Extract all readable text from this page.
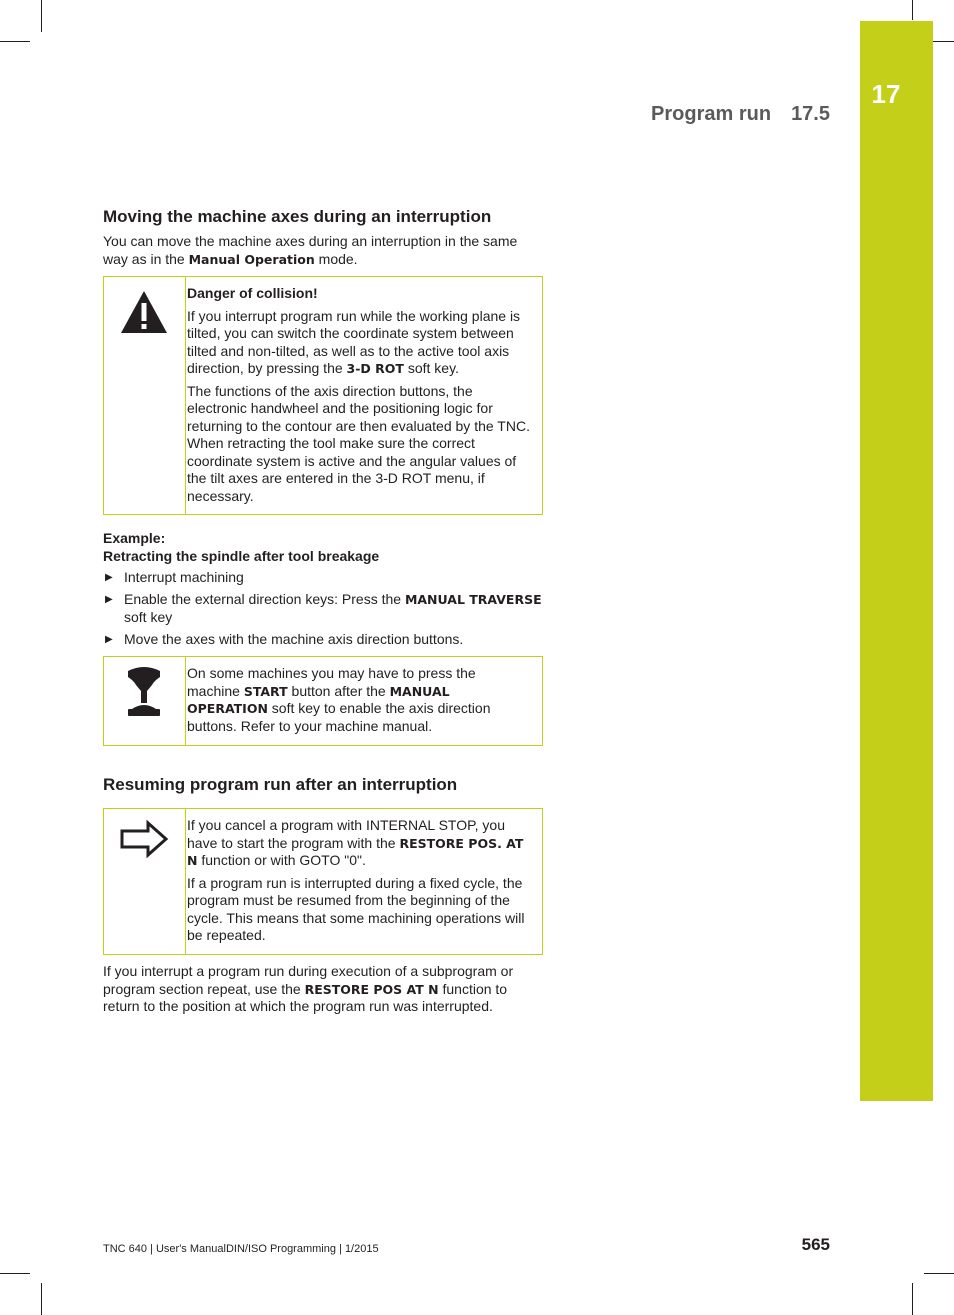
17
Program run 17.5
Moving the machine axes during an interruption

You can move the machine axes during an interruption in the same way as in the Manual Operation mode.

Danger of collision!

If you interrupt program run while the working plane is tilted, you can switch the coordinate system between tilted and non-tilted, as well as to the active tool axis direction, by pressing the 3-D ROT soft key.

The functions of the axis direction buttons, the electronic handwheel and the positioning logic for returning to the contour are then evaluated by the TNC. When retracting the tool make sure the correct coordinate system is active and the angular values of the tilt axes are entered in the 3-D ROT menu, if necessary.

Example:

Retracting the spindle after tool breakage

▶ Interrupt machining
▶ Enable the external direction keys: Press the MANUAL TRAVERSE soft key
▶ Move the axes with the machine axis direction buttons.

On some machines you may have to press the machine START button after the MANUAL OPERATION soft key to enable the axis direction buttons. Refer to your machine manual.

Resuming program run after an interruption

If you cancel a program with INTERNAL STOP, you have to start the program with the RESTORE POS. AT N function or with GOTO "0".

If a program run is interrupted during a fixed cycle, the program must be resumed from the beginning of the cycle. This means that some machining operations will be repeated.

If you interrupt a program run during execution of a subprogram or program section repeat, use the RESTORE POS AT N function to return to the position at which the program run was interrupted.

TNC 640 | User's ManualDIN/ISO Programming | 1/2015	565
